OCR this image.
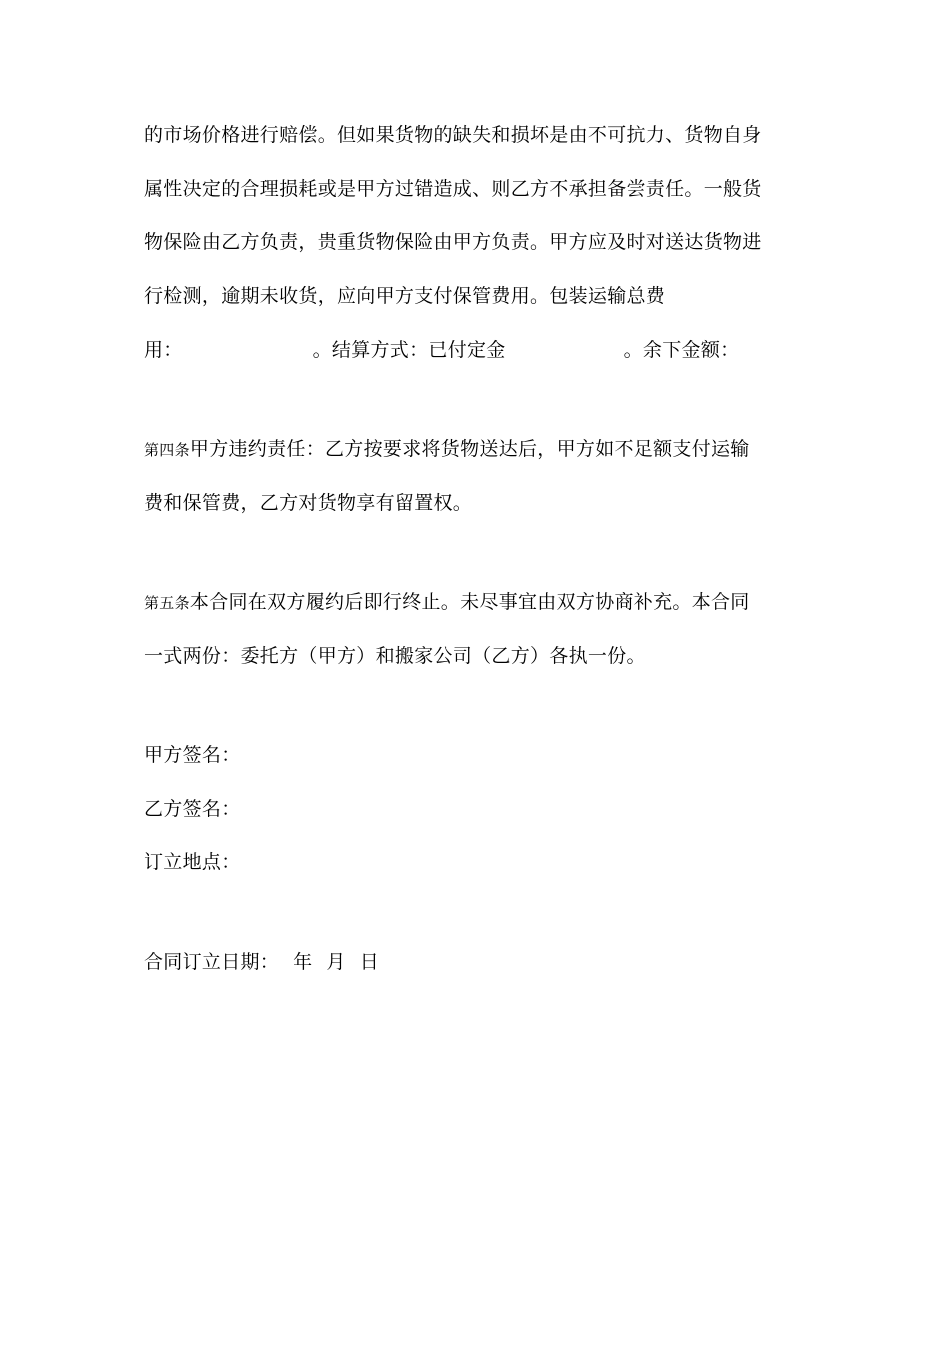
的市场价格进行赔偿。但如果货物的缺失和损坏是由不可抗力、货物自身
属性决定的合理损耗或是甲方过错造成、则乙方不承担备尝责任。一般货
物保险由乙方负责，贵重货物保险由甲方负责。甲方应及时对送达货物进
行检测，逾期未收货，应向甲方支付保管费用。包装运输总费
用：	。结算方式：已付定金	。余下金额：
第四条甲方违约责任：乙方按要求将货物送达后，甲方如不足额支付运输
费和保管费，乙方对货物享有留置权。
第五条本合同在双方履约后即行终止。未尽事宜由双方协商补充。本合同
一式两份：委托方（甲方）和搬家公司（乙方）各执一份。
甲方签名：
乙方签名：
订立地点：
合同订立日期： 年 月 日
